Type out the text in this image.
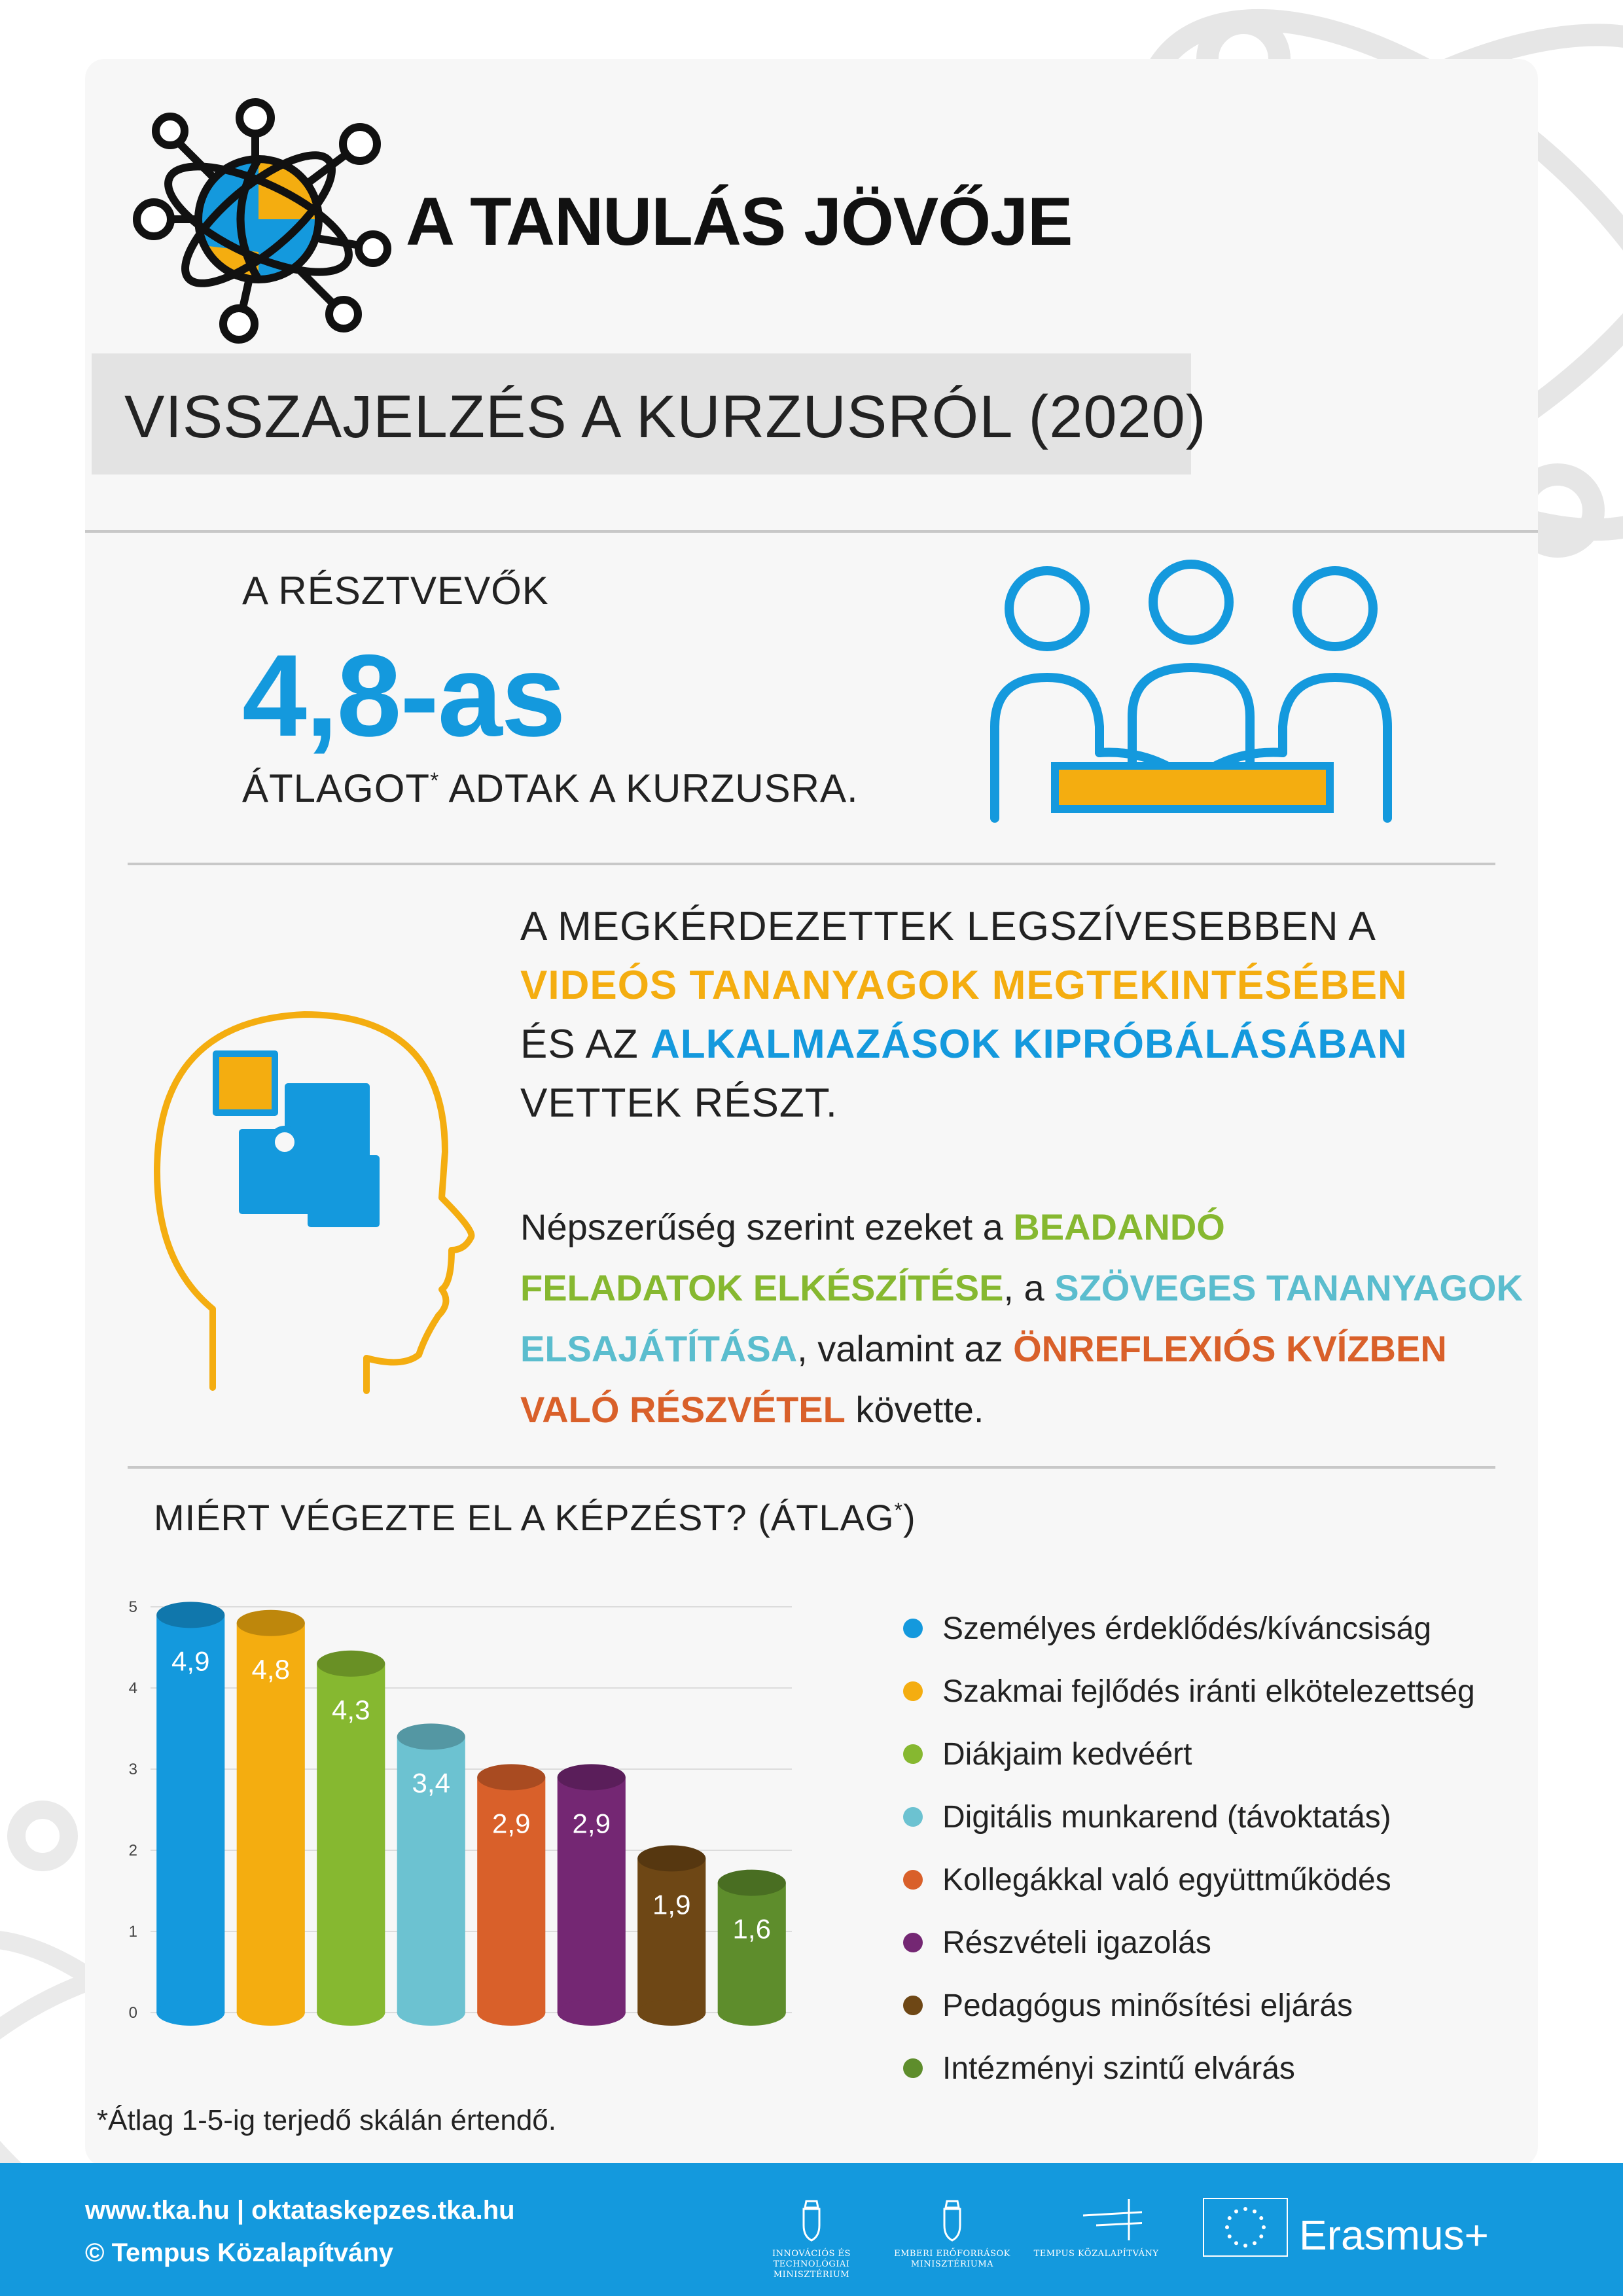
A TANULÁS JÖVŐJE
VISSZAJELZÉS A KURZUSRÓL (2020)
A RÉSZTVEVŐK
4,8-as
ÁTLAGOT* ADTAK A KURZUSRA.
A MEGKÉRDEZETTEK LEGSZÍVESEBBEN A
VIDEÓS TANANYAGOK MEGTEKINTÉSÉBEN
ÉS AZ ALKALMAZÁSOK KIPRÓBÁLÁSÁBAN
VETTEK RÉSZT.
Népszerűség szerint ezeket a BEADANDÓ
FELADATOK ELKÉSZÍTÉSE, a SZÖVEGES TANANYAGOK
ELSAJÁTÍTÁSA, valamint az ÖNREFLEXIÓS KVÍZBEN
VALÓ RÉSZVÉTEL követte.
MIÉRT VÉGEZTE EL A KÉPZÉST? (ÁTLAG*)
0
1
2
3
4
5
4,9 4,8
4,3
3,4
2,9 2,9
1,9
1,6
Személyes érdeklődés/kíváncsiság
Szakmai fejlődés iránti elkötelezettség
Diákjaim kedvéért
Digitális munkarend (távoktatás)
Kollegákkal való együttműködés
Részvételi igazolás
Pedagógus minősítési eljárás
Intézményi szintű elvárás
*Átlag 1-5-ig terjedő skálán értendő.
www.tka.hu | oktataskepzes.tka.hu
© Tempus Közalapítvány	INNOVÁCIÓS ÉS TECHNOLÓGIAI MINISZTÉRIUM
EMBERI ERŐFORRÁSOK MINISZTÉRIUMA
TEMPUS KÖZALAPÍTVÁNY	Erasmus+
